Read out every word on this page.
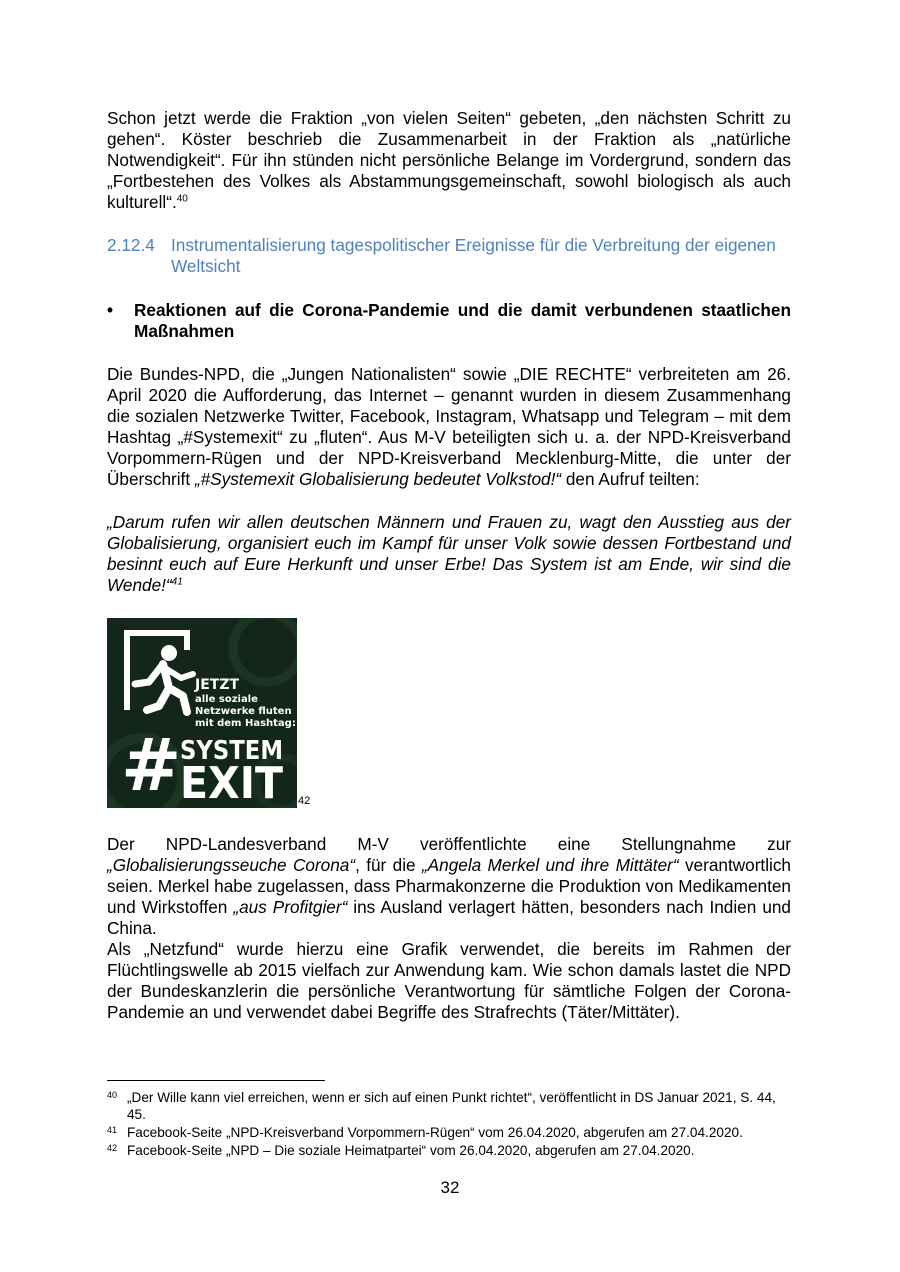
Schon jetzt werde die Fraktion „von vielen Seiten“ gebeten, „den nächsten Schritt zu gehen“. Köster beschrieb die Zusammenarbeit in der Fraktion als „natürliche Notwendigkeit“. Für ihn stünden nicht persönliche Belange im Vordergrund, sondern das „Fortbestehen des Volkes als Abstammungsgemeinschaft, sowohl biologisch als auch kulturell“.$^{40}$

2.12.4 Instrumentalisierung tagespolitischer Ereignisse für die Verbreitung der eigenen Weltsicht
•	Reaktionen auf die Corona-Pandemie und die damit verbundenen staatlichen Maßnahmen

Die Bundes-NPD, die „Jungen Nationalisten“ sowie „DIE RECHTE“ verbreiteten am 26. April 2020 die Aufforderung, das Internet – genannt wurden in diesem Zusammenhang die sozialen Netzwerke Twitter, Facebook, Instagram, Whatsapp und Telegram – mit dem Hashtag „#Systemexit“ zu „fluten“. Aus M-V beteiligten sich u. a. der NPD-Kreisverband Vorpommern-Rügen und der NPD-Kreisverband Mecklenburg-Mitte, die unter der Überschrift „#Systemexit Globalisierung bedeutet Volkstod!“ den Aufruf teilten:

„Darum rufen wir allen deutschen Männern und Frauen zu, wagt den Ausstieg aus der Globalisierung, organisiert euch im Kampf für unser Volk sowie dessen Fortbestand und besinnt euch auf Eure Herkunft und unser Erbe! Das System ist am Ende, wir sind die Wende!“$^{41}$

JETZT
alle soziale
Netzwerke fluten
mit dem Hashtag:
#
SYSTEM
EXIT 42

Der NPD-Landesverband M-V veröffentlichte eine Stellungnahme zur „Globalisierungsseuche Corona“, für die „Angela Merkel und ihre Mittäter“ verantwortlich seien. Merkel habe zugelassen, dass Pharmakonzerne die Produktion von Medikamenten und Wirkstoffen „aus Profitgier“ ins Ausland verlagert hätten, besonders nach Indien und China.

Als „Netzfund“ wurde hierzu eine Grafik verwendet, die bereits im Rahmen der Flüchtlingswelle ab 2015 vielfach zur Anwendung kam. Wie schon damals lastet die NPD der Bundeskanzlerin die persönliche Verantwortung für sämtliche Folgen der Corona-Pandemie an und verwendet dabei Begriffe des Strafrechts (Täter/Mittäter).

40 „Der Wille kann viel erreichen, wenn er sich auf einen Punkt richtet“, veröffentlicht in DS Januar 2021, S. 44, 45.
41 Facebook-Seite „NPD-Kreisverband Vorpommern-Rügen“ vom 26.04.2020, abgerufen am 27.04.2020.
42 Facebook-Seite „NPD – Die soziale Heimatpartei“ vom 26.04.2020, abgerufen am 27.04.2020.
32
